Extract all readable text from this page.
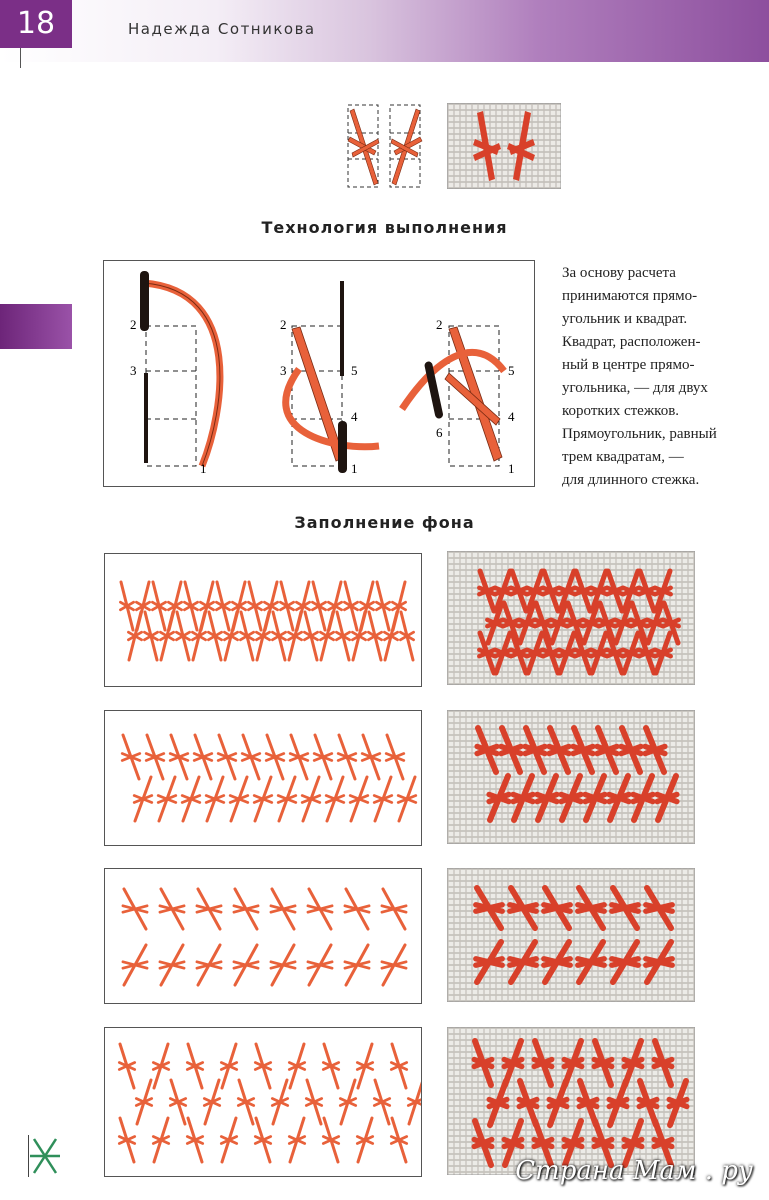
18	Надежда Сотникова
Технология выполнения
2
3
1
2
3	5
4
1
2
5
6
4
1
За основу расчета
принимаются прямо-
угольник и квадрат.
Квадрат, расположен-
ный в центре прямо-
угольника, — для двух
коротких стежков.
Прямоугольник, равный
трем квадратам, —
для длинного стежка.
Заполнение фона
Страна Мам . ру
